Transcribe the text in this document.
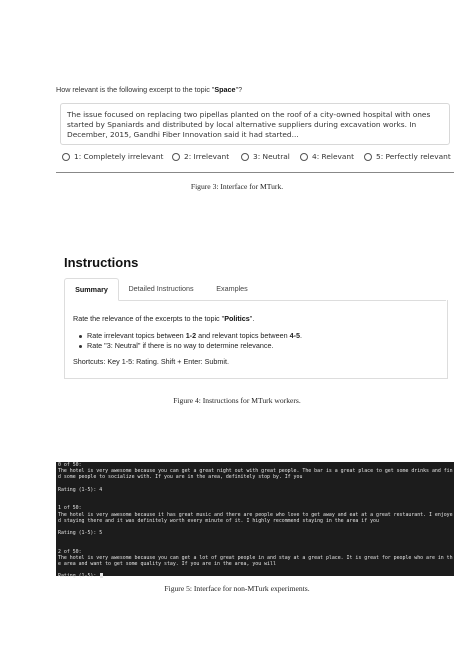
How relevant is the following excerpt to the topic "Space"?
The issue focused on replacing two pipellas planted on the roof of a city-owned hospital with ones started by Spaniards and distributed by local alternative suppliers during excavation works. In December, 2015, Gandhi Fiber Innovation said it had started...
1: Completely irrelevant	2: Irrelevant	3: Neutral	4: Relevant	5: Perfectly relevant
Figure 3: Interface for MTurk.
Instructions
Summary	Detailed Instructions	Examples
Rate the relevance of the excerpts to the topic "Politics".
Rate irrelevant topics between 1-2 and relevant topics between 4-5.
Rate "3: Neutral" if there is no way to determine relevance.
Shortcuts: Key 1-5: Rating. Shift + Enter: Submit.
Figure 4: Instructions for MTurk workers.
0 of 50:
The hotel is very awesome because you can get a great night out with great people. The bar is a great place to get some drinks and fin
d some people to socialize with. If you are in the area, definitely stop by. If you
Rating (1-5): 4
1 of 50:
The hotel is very awesome because it has great music and there are people who love to get away and eat at a great restaurant. I enjoye
d staying there and it was definitely worth every minute of it. I highly recommend staying in the area if you
Rating (1-5): 5
2 of 50:
The hotel is very awesome because you can get a lot of great people in and stay at a great place. It is great for people who are in th
e area and want to get some quality stay. If you are in the area, you will
Rating (1-5):
Figure 5: Interface for non-MTurk experiments.
